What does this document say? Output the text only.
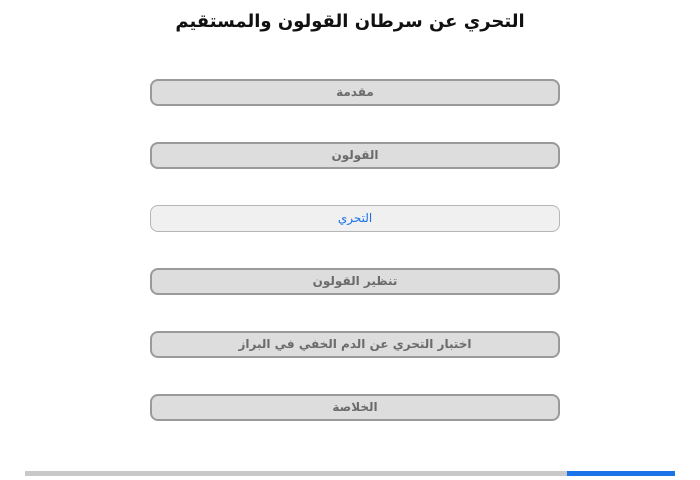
التحري عن سرطان القولون والمستقيم
مقدمة
القولون
التحري
تنظير القولون
اختبار التحري عن الدم الخفي في البراز
الخلاصة
